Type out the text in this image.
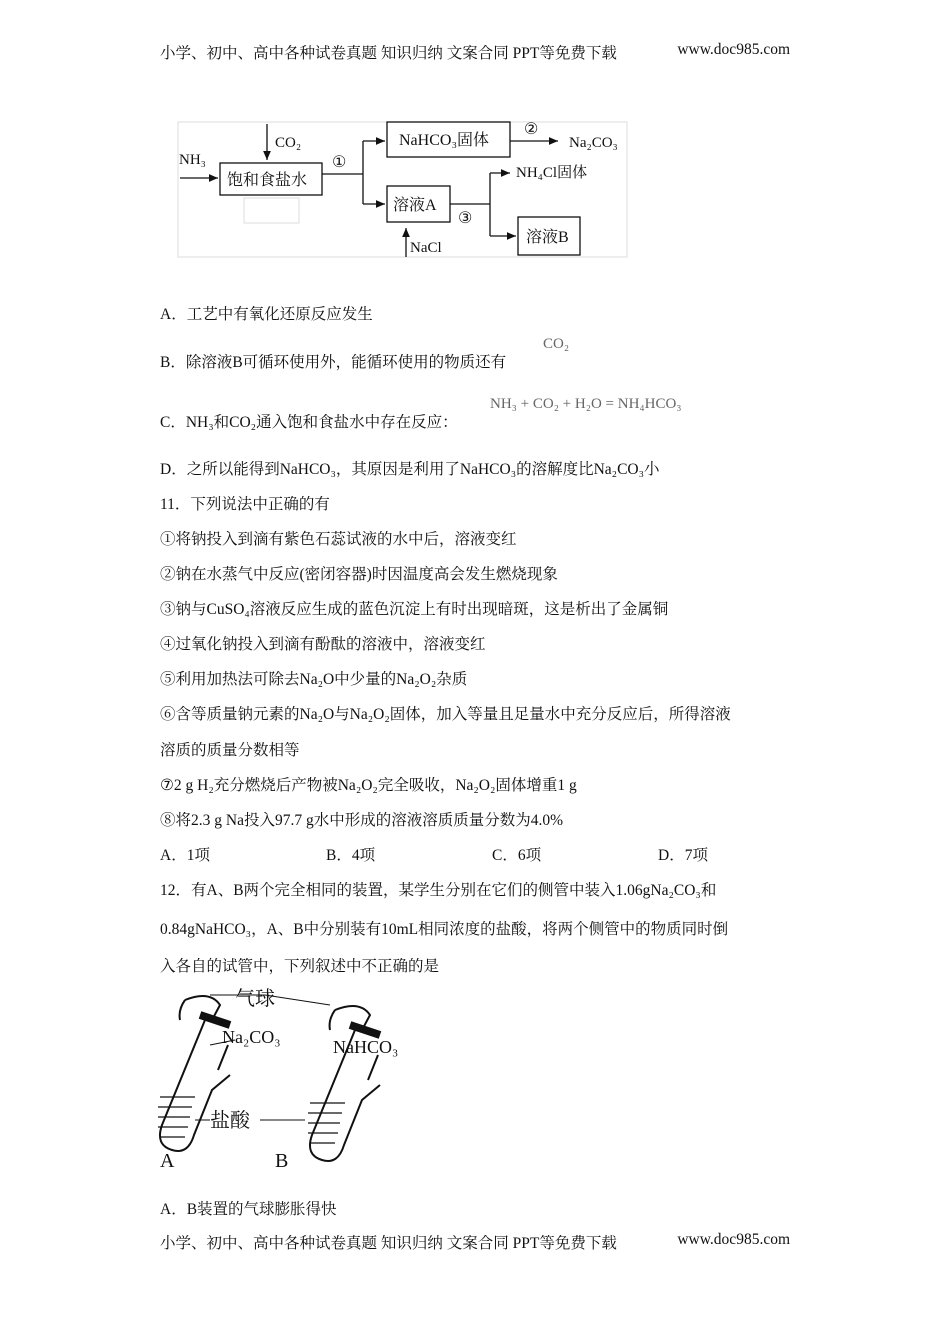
小学、初中、高中各种试卷真题 知识归纳 文案合同 PPT等免费下载	www.doc985.com
NH₃
CO₂
饱和食盐水
①
NaHCO₃固体
②
Na₂CO₃
NH₄Cl固体
溶液A
③
溶液B
NaCl
A．工艺中有氧化还原反应发生
B．除溶液B可循环使用外，能循环使用的物质还有
CO₂
C．NH₃和CO₂通入饱和食盐水中存在反应：
NH₃ + CO₂ + H₂O = NH₄HCO₃
D．之所以能得到NaHCO₃，其原因是利用了NaHCO₃的溶解度比Na₂CO₃小
11．下列说法中正确的有
①将钠投入到滴有紫色石蕊试液的水中后，溶液变红
②钠在水蒸气中反应(密闭容器)时因温度高会发生燃烧现象
③钠与CuSO₄溶液反应生成的蓝色沉淀上有时出现暗斑，这是析出了金属铜
④过氧化钠投入到滴有酚酞的溶液中，溶液变红
⑤利用加热法可除去Na₂O中少量的Na₂O₂杂质
⑥含等质量钠元素的Na₂O与Na₂O₂固体，加入等量且足量水中充分反应后，所得溶液
溶质的质量分数相等
⑦2 g H₂充分燃烧后产物被Na₂O₂完全吸收，Na₂O₂固体增重1 g
⑧将2.3 g Na投入97.7 g水中形成的溶液溶质质量分数为4.0%
A．1项	B．4项	C．6项	D．7项
12．有A、B两个完全相同的装置，某学生分别在它们的侧管中装入1.06gNa₂CO₃和
0.84gNaHCO₃，A、B中分别装有10mL相同浓度的盐酸，将两个侧管中的物质同时倒
入各自的试管中，下列叙述中不正确的是
气球
Na₂CO₃	NaHCO₃
盐酸
A	B
A．B装置的气球膨胀得快
小学、初中、高中各种试卷真题 知识归纳 文案合同 PPT等免费下载	www.doc985.com
